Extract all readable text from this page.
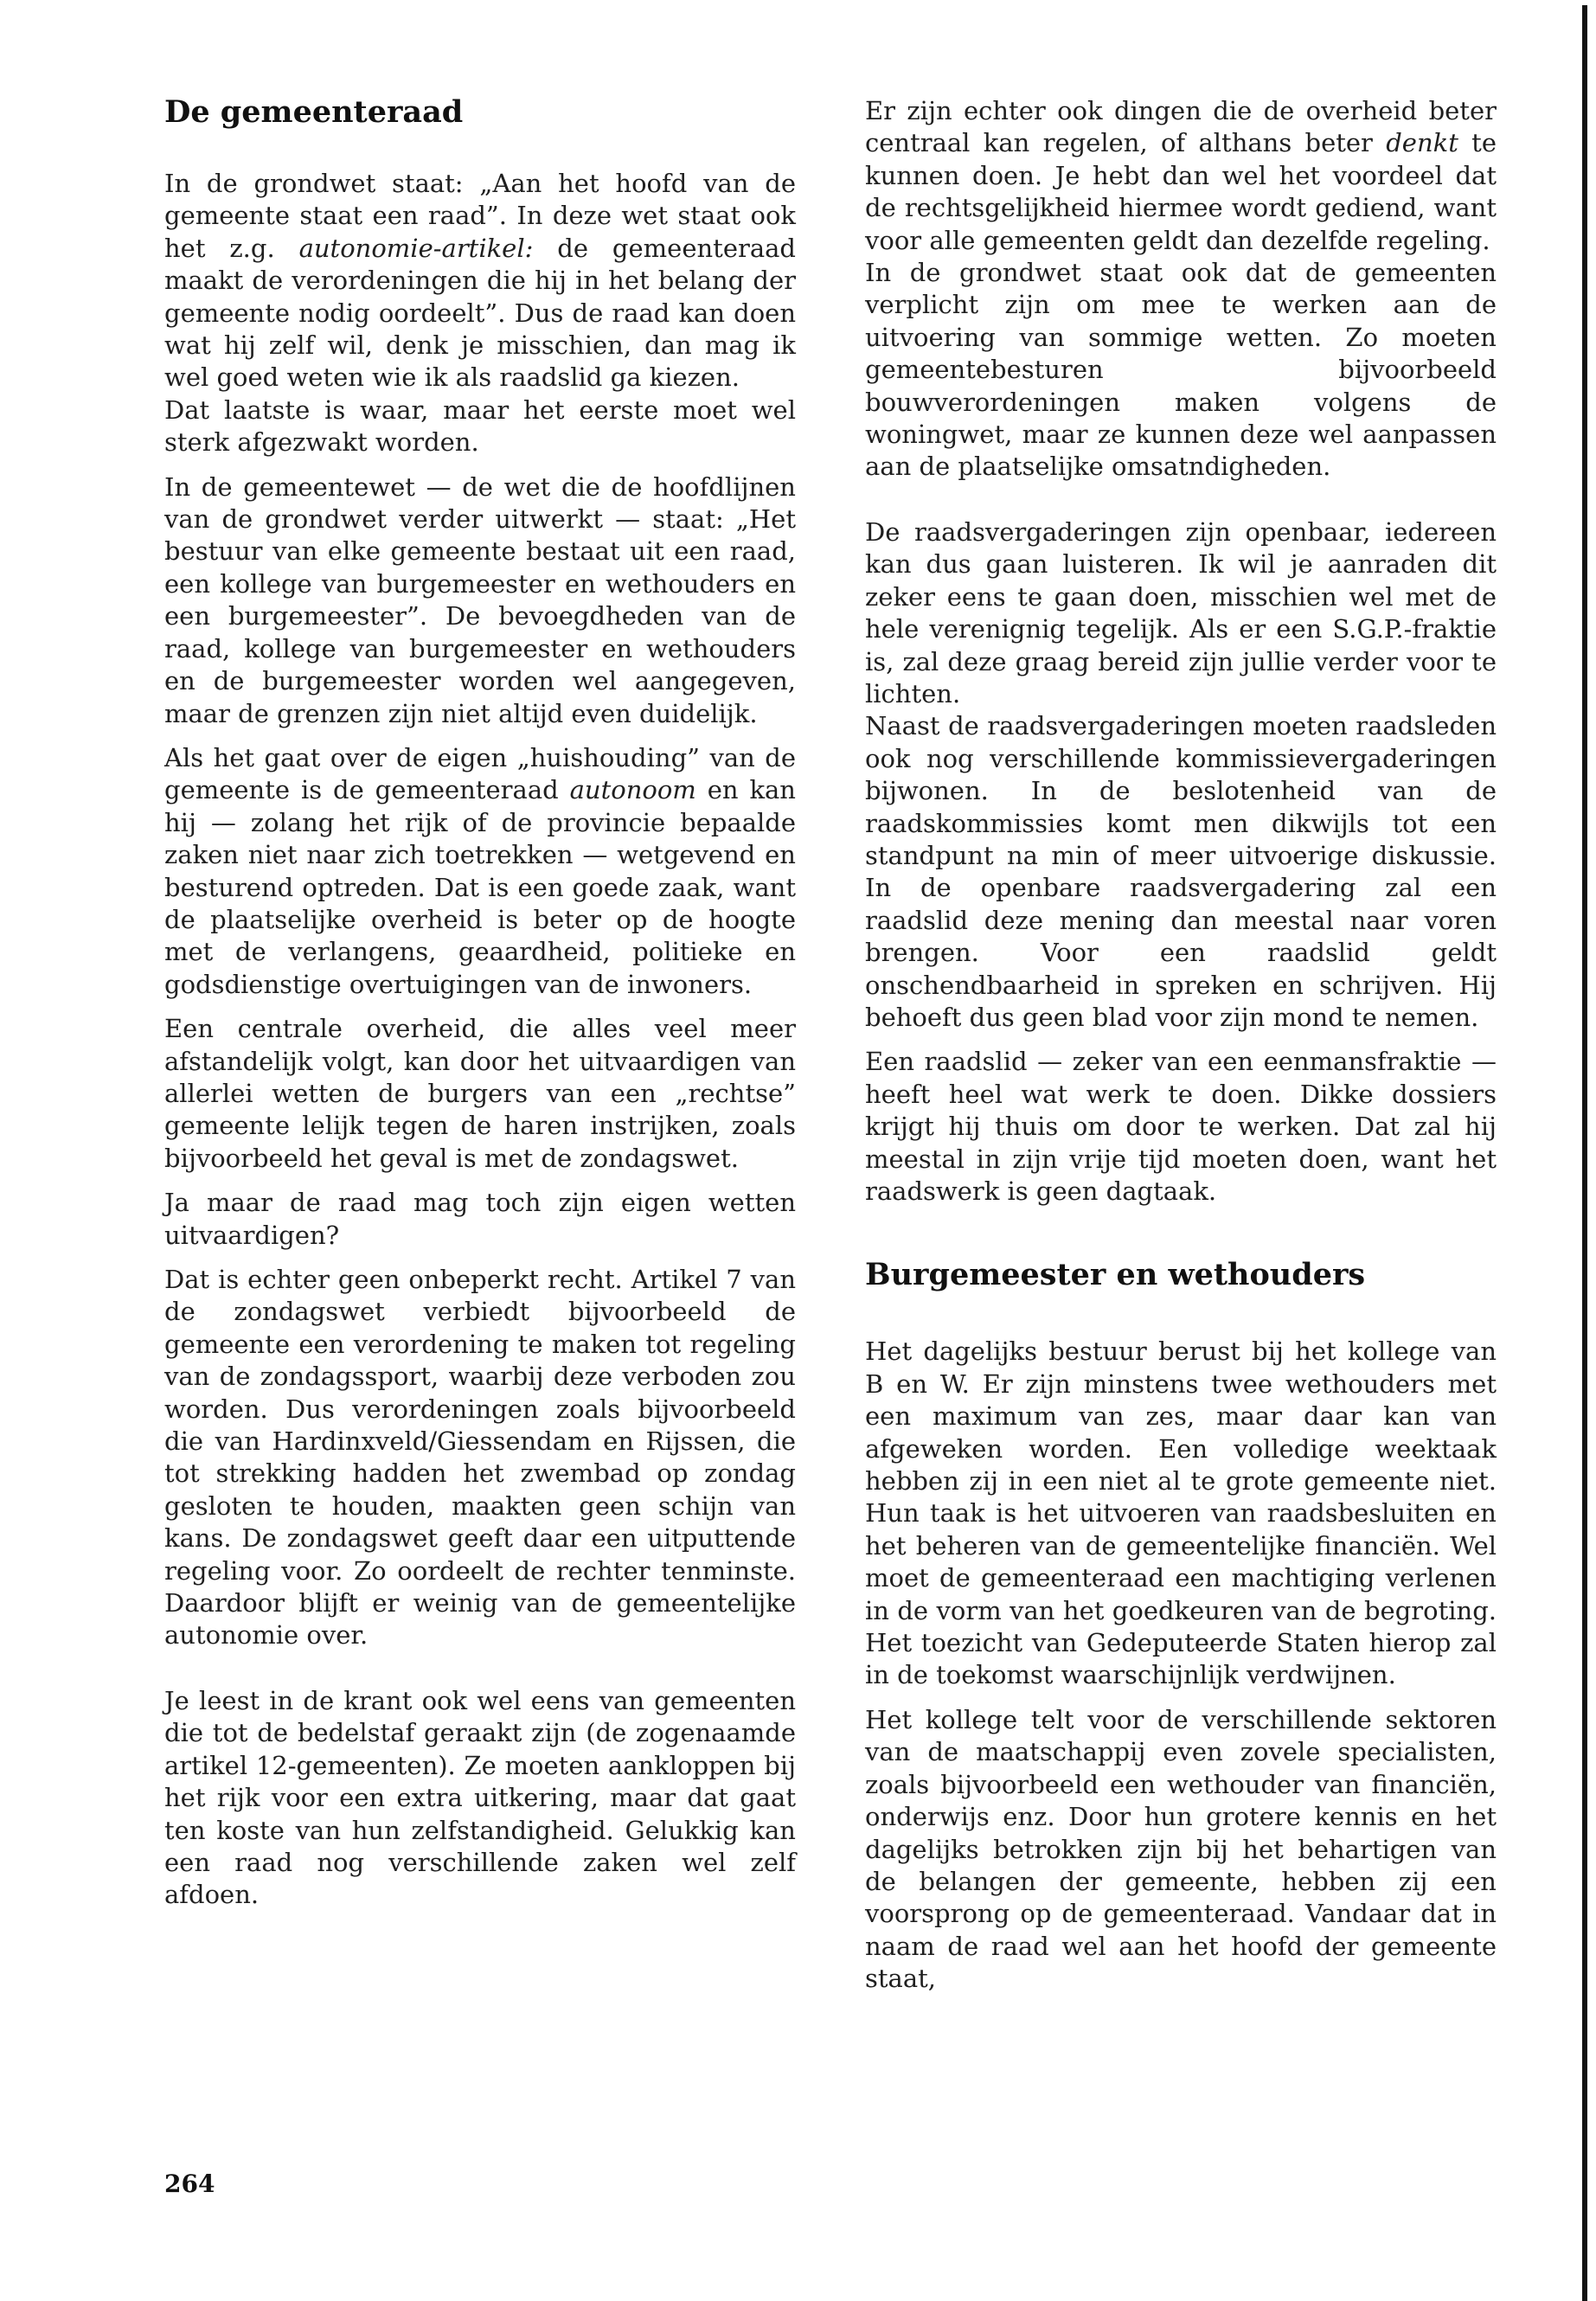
De gemeenteraad

In de grondwet staat: „Aan het hoofd van de gemeente staat een raad”. In deze wet staat ook het z.g. autonomie-artikel: de gemeenteraad maakt de verordeningen die hij in het belang der gemeente nodig oordeelt”. Dus de raad kan doen wat hij zelf wil, denk je misschien, dan mag ik wel goed weten wie ik als raadslid ga kiezen.

Dat laatste is waar, maar het eerste moet wel sterk afgezwakt worden.

In de gemeentewet — de wet die de hoofdlijnen van de grondwet verder uitwerkt — staat: „Het bestuur van elke gemeente bestaat uit een raad, een kollege van burgemeester en wethouders en een burgemeester”. De bevoegdheden van de raad, kollege van burgemeester en wethouders en de burgemeester worden wel aangegeven, maar de grenzen zijn niet altijd even duidelijk.

Als het gaat over de eigen „huishouding” van de gemeente is de gemeenteraad autonoom en kan hij — zolang het rijk of de provincie bepaalde zaken niet naar zich toetrekken — wetgevend en besturend optreden. Dat is een goede zaak, want de plaatselijke overheid is beter op de hoogte met de verlangens, geaardheid, politieke en godsdienstige overtuigingen van de inwoners.

Een centrale overheid, die alles veel meer afstandelijk volgt, kan door het uitvaardigen van allerlei wetten de burgers van een „rechtse” gemeente lelijk tegen de haren instrijken, zoals bijvoorbeeld het geval is met de zondagswet.

Ja maar de raad mag toch zijn eigen wetten uitvaardigen?

Dat is echter geen onbeperkt recht. Artikel 7 van de zondagswet verbiedt bijvoorbeeld de gemeente een verordening te maken tot regeling van de zondagssport, waarbij deze verboden zou worden. Dus verordeningen zoals bijvoorbeeld die van Hardinxveld/Giessendam en Rijssen, die tot strekking hadden het zwembad op zondag gesloten te houden, maakten geen schijn van kans. De zondagswet geeft daar een uitputtende regeling voor. Zo oordeelt de rechter tenminste. Daardoor blijft er weinig van de gemeentelijke autonomie over.

Je leest in de krant ook wel eens van gemeenten die tot de bedelstaf geraakt zijn (de zogenaamde artikel 12-gemeenten). Ze moeten aankloppen bij het rijk voor een extra uitkering, maar dat gaat ten koste van hun zelfstandigheid. Gelukkig kan een raad nog verschillende zaken wel zelf afdoen.

Er zijn echter ook dingen die de overheid beter centraal kan regelen, of althans beter denkt te kunnen doen. Je hebt dan wel het voordeel dat de rechtsgelijkheid hiermee wordt gediend, want voor alle gemeenten geldt dan dezelfde regeling.

In de grondwet staat ook dat de gemeenten verplicht zijn om mee te werken aan de uitvoering van sommige wetten. Zo moeten gemeentebesturen bijvoorbeeld bouwverordeningen maken volgens de woningwet, maar ze kunnen deze wel aanpassen aan de plaatselijke omsatndigheden.

De raadsvergaderingen zijn openbaar, iedereen kan dus gaan luisteren. Ik wil je aanraden dit zeker eens te gaan doen, misschien wel met de hele verenignig tegelijk. Als er een S.G.P.-fraktie is, zal deze graag bereid zijn jullie verder voor te lichten.

Naast de raadsvergaderingen moeten raadsleden ook nog verschillende kommissievergaderingen bijwonen. In de beslotenheid van de raadskommissies komt men dikwijls tot een standpunt na min of meer uitvoerige diskussie. In de openbare raadsvergadering zal een raadslid deze mening dan meestal naar voren brengen. Voor een raadslid geldt onschendbaarheid in spreken en schrijven. Hij behoeft dus geen blad voor zijn mond te nemen.

Een raadslid — zeker van een eenmansfraktie — heeft heel wat werk te doen. Dikke dossiers krijgt hij thuis om door te werken. Dat zal hij meestal in zijn vrije tijd moeten doen, want het raadswerk is geen dagtaak.

Burgemeester en wethouders

Het dagelijks bestuur berust bij het kollege van B en W. Er zijn minstens twee wethouders met een maximum van zes, maar daar kan van afgeweken worden. Een volledige weektaak hebben zij in een niet al te grote gemeente niet. Hun taak is het uitvoeren van raadsbesluiten en het beheren van de gemeentelijke financiën. Wel moet de gemeenteraad een machtiging verlenen in de vorm van het goedkeuren van de begroting. Het toezicht van Gedeputeerde Staten hierop zal in de toekomst waarschijnlijk verdwijnen.

Het kollege telt voor de verschillende sektoren van de maatschappij even zovele specialisten, zoals bijvoorbeeld een wethouder van financiën, onderwijs enz. Door hun grotere kennis en het dagelijks betrokken zijn bij het behartigen van de belangen der gemeente, hebben zij een voorsprong op de gemeenteraad. Vandaar dat in naam de raad wel aan het hoofd der gemeente staat,

264
